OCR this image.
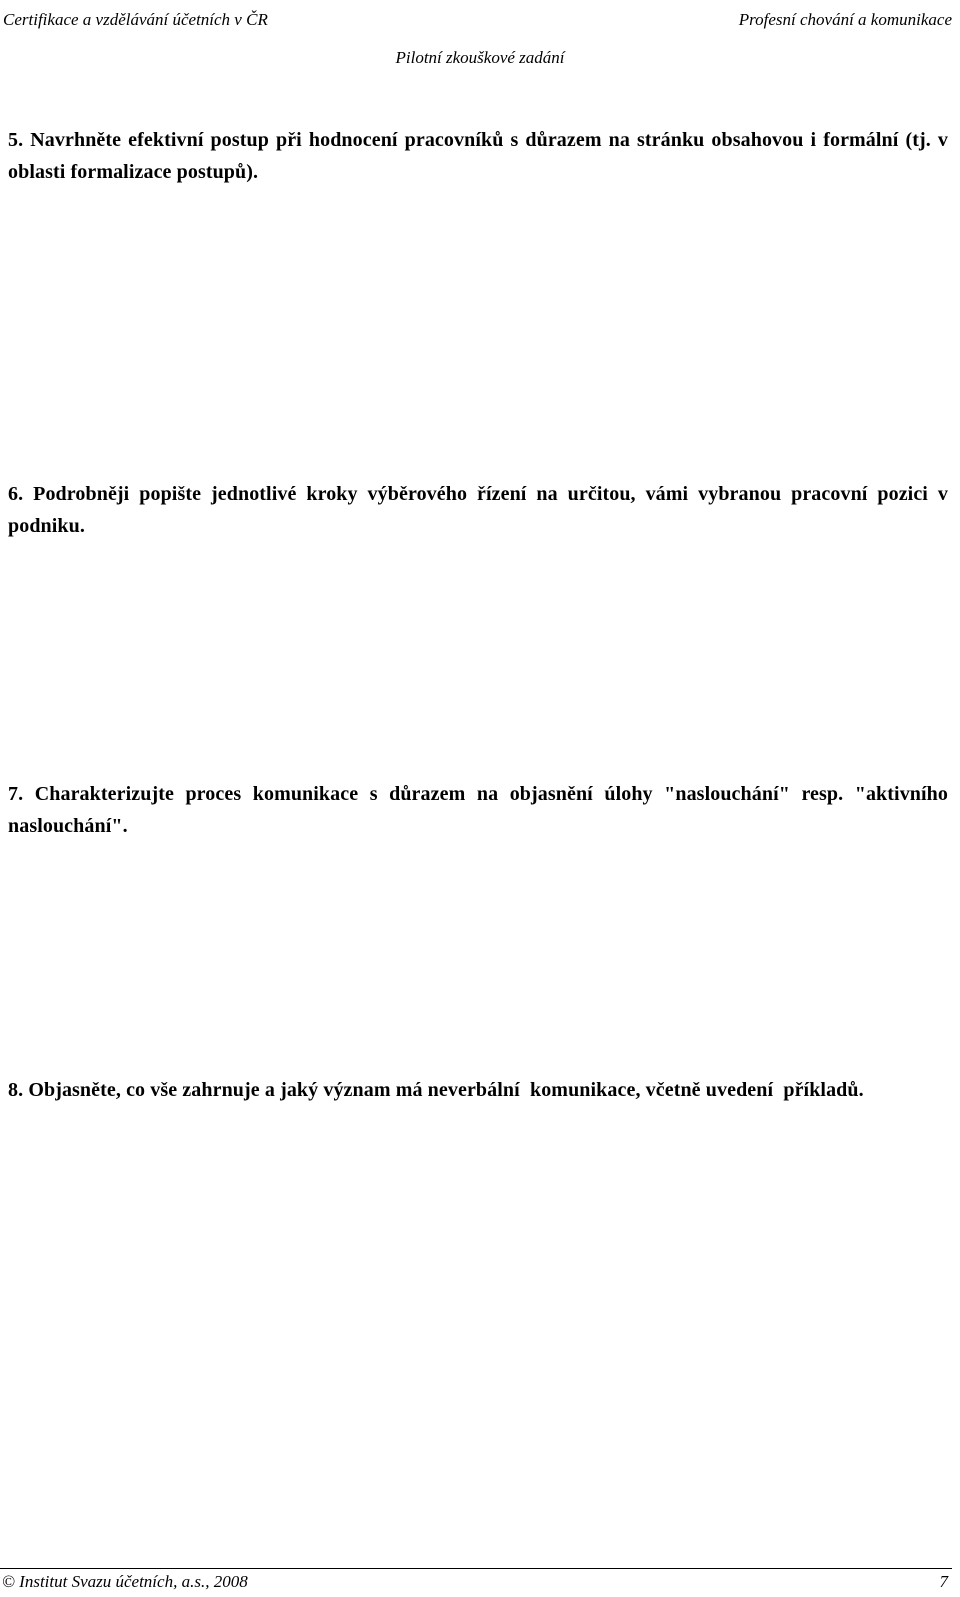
Certifikace a vzdělávání účetních v ČR	Profesní chování a komunikace
Pilotní zkouškové zadání
5. Navrhněte efektivní postup při hodnocení pracovníků s důrazem na stránku obsahovou i formální (tj. v oblasti formalizace postupů).
6. Podrobněji popište jednotlivé kroky výběrového řízení na určitou, vámi vybranou pracovní pozici v podniku.
7. Charakterizujte proces komunikace s důrazem na objasnění úlohy "naslouchání" resp. "aktivního naslouchání".
8. Objasněte, co vše zahrnuje a jaký význam má neverbální  komunikace, včetně uvedení  příkladů.
© Institut Svazu účetních, a.s., 2008	7
